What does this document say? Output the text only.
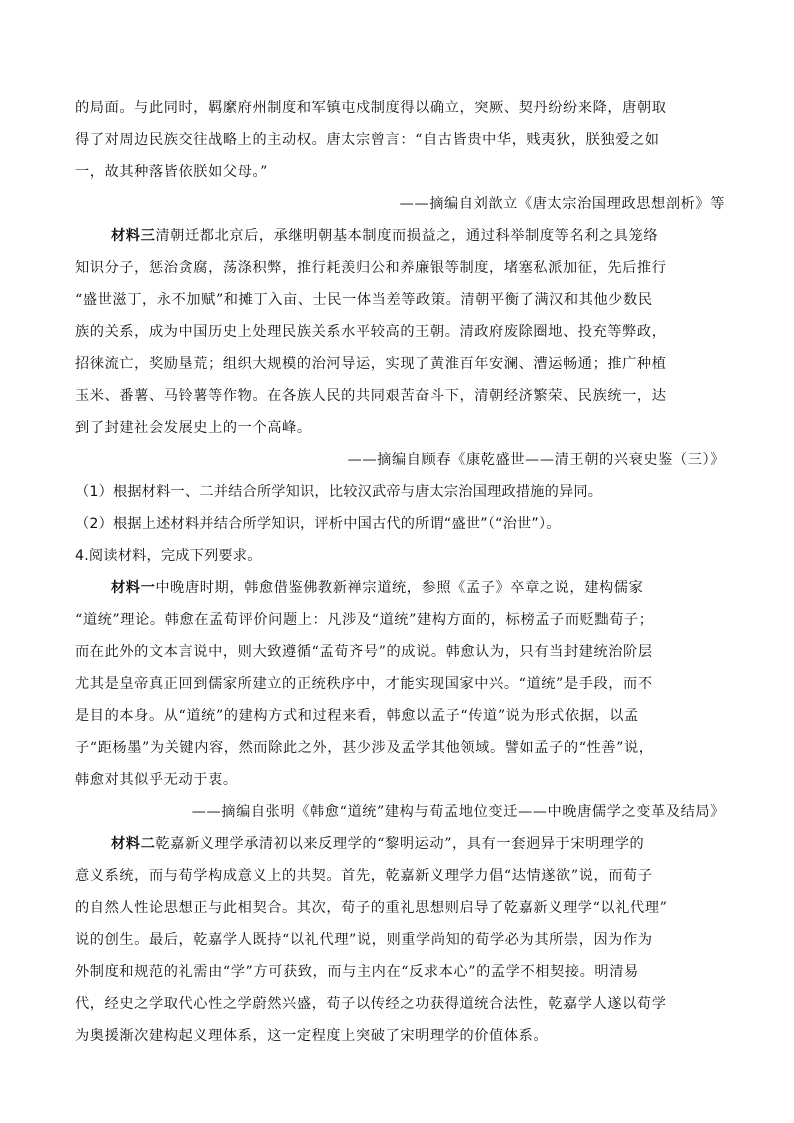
的局面。与此同时，羁縻府州制度和军镇屯戍制度得以确立，突厥、契丹纷纷来降，唐朝取
得了对周边民族交往战略上的主动权。唐太宗曾言：“自古皆贵中华，贱夷狄，朕独爱之如
一，故其种落皆依朕如父母。”
——摘编自刘歆立《唐太宗治国理政思想剖析》等
材料三清朝迁都北京后，承继明朝基本制度而损益之，通过科举制度等名利之具笼络
知识分子，惩治贪腐，荡涤积弊，推行耗羡归公和养廉银等制度，堵塞私派加征，先后推行
“盛世滋丁，永不加赋”和摊丁入亩、士民一体当差等政策。清朝平衡了满汉和其他少数民
族的关系，成为中国历史上处理民族关系水平较高的王朝。清政府废除圈地、投充等弊政，
招徕流亡，奖励垦荒；组织大规模的治河导运，实现了黄淮百年安澜、漕运畅通；推广种植
玉米、番薯、马铃薯等作物。在各族人民的共同艰苦奋斗下，清朝经济繁荣、民族统一，达
到了封建社会发展史上的一个高峰。
——摘编自顾春《康乾盛世——清王朝的兴衰史鉴（三）》
（1）根据材料一、二并结合所学知识，比较汉武帝与唐太宗治国理政措施的异同。
（2）根据上述材料并结合所学知识，评析中国古代的所谓“盛世”（“治世”）。
4.阅读材料，完成下列要求。
材料一中晚唐时期，韩愈借鉴佛教新禅宗道统，参照《孟子》卒章之说，建构儒家
“道统”理论。韩愈在孟荀评价问题上：凡涉及“道统”建构方面的，标榜孟子而贬黜荀子；
而在此外的文本言说中，则大致遵循“孟荀齐号”的成说。韩愈认为，只有当封建统治阶层
尤其是皇帝真正回到儒家所建立的正统秩序中，才能实现国家中兴。“道统”是手段，而不
是目的本身。从“道统”的建构方式和过程来看，韩愈以孟子“传道”说为形式依据，以孟
子“距杨墨”为关键内容，然而除此之外，甚少涉及孟学其他领域。譬如孟子的“性善”说，
韩愈对其似乎无动于衷。
——摘编自张明《韩愈“道统”建构与荀孟地位变迁——中晚唐儒学之变革及结局》
材料二乾嘉新义理学承清初以来反理学的“黎明运动”，具有一套迥异于宋明理学的
意义系统，而与荀学构成意义上的共契。首先，乾嘉新义理学力倡“达情遂欲”说，而荀子
的自然人性论思想正与此相契合。其次，荀子的重礼思想则启导了乾嘉新义理学“以礼代理”
说的创生。最后，乾嘉学人既持“以礼代理”说，则重学尚知的荀学必为其所崇，因为作为
外制度和规范的礼需由“学”方可获致，而与主内在“反求本心”的孟学不相契接。明清易
代，经史之学取代心性之学蔚然兴盛，荀子以传经之功获得道统合法性，乾嘉学人遂以荀学
为奥援渐次建构起义理体系，这一定程度上突破了宋明理学的价值体系。
